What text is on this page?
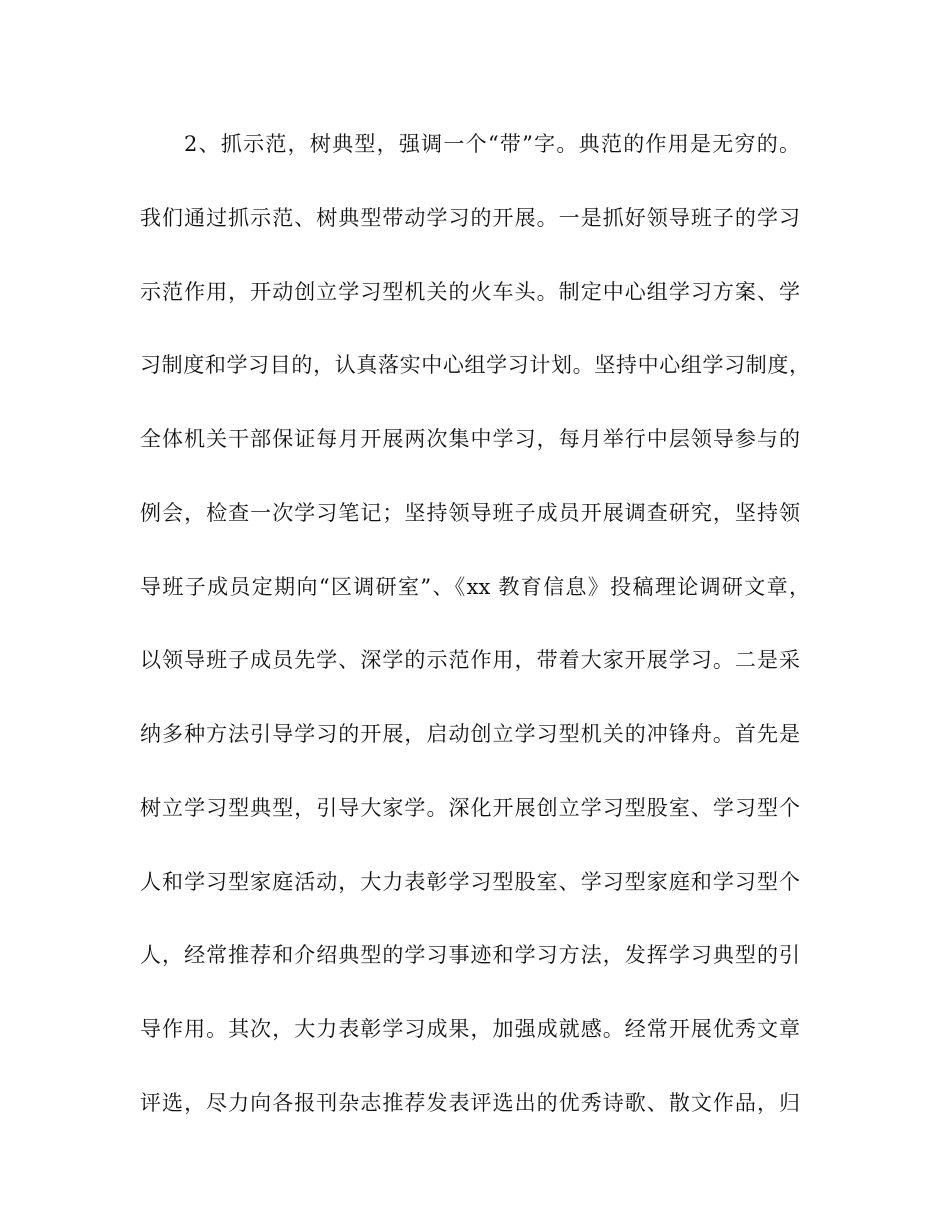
2、抓示范，树典型，强调一个“带”字。典范的作用是无穷的。
我们通过抓示范、树典型带动学习的开展。一是抓好领导班子的学习
示范作用，开动创立学习型机关的火车头。制定中心组学习方案、学
习制度和学习目的，认真落实中心组学习计划。坚持中心组学习制度，
全体机关干部保证每月开展两次集中学习，每月举行中层领导参与的
例会，检查一次学习笔记；坚持领导班子成员开展调查研究，坚持领
导班子成员定期向“区调研室”、《xx 教育信息》投稿理论调研文章，
以领导班子成员先学、深学的示范作用，带着大家开展学习。二是采
纳多种方法引导学习的开展，启动创立学习型机关的冲锋舟。首先是
树立学习型典型，引导大家学。深化开展创立学习型股室、学习型个
人和学习型家庭活动，大力表彰学习型股室、学习型家庭和学习型个
人，经常推荐和介绍典型的学习事迹和学习方法，发挥学习典型的引
导作用。其次，大力表彰学习成果，加强成就感。经常开展优秀文章
评选，尽力向各报刊杂志推荐发表评选出的优秀诗歌、散文作品，归
